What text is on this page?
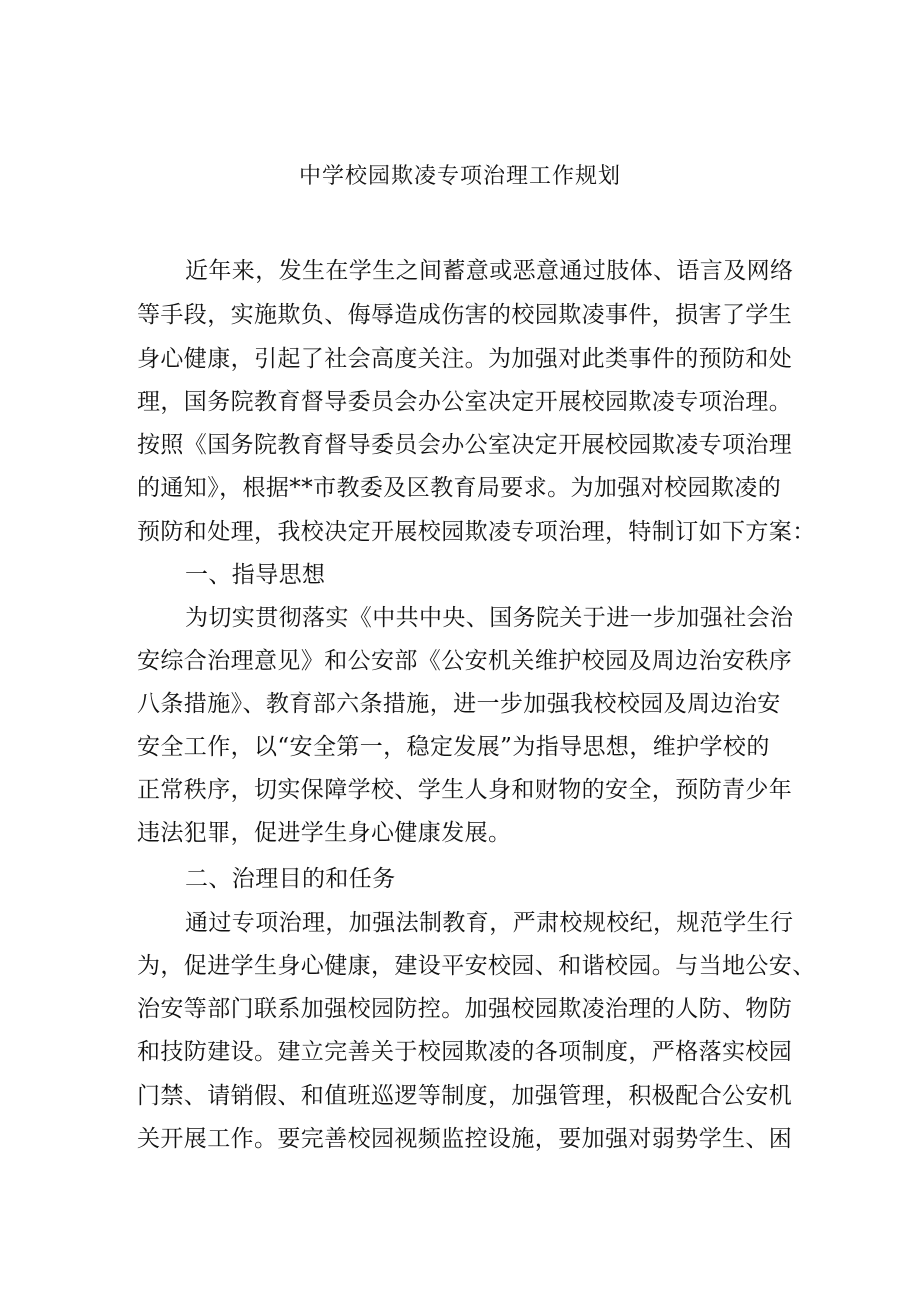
中学校园欺凌专项治理工作规划
近年来，发生在学生之间蓄意或恶意通过肢体、语言及网络
等手段，实施欺负、侮辱造成伤害的校园欺凌事件，损害了学生
身心健康，引起了社会高度关注。为加强对此类事件的预防和处
理，国务院教育督导委员会办公室决定开展校园欺凌专项治理。
按照《国务院教育督导委员会办公室决定开展校园欺凌专项治理
的通知》，根据**市教委及区教育局要求。为加强对校园欺凌的
预防和处理，我校决定开展校园欺凌专项治理，特制订如下方案：
一、指导思想
为切实贯彻落实《中共中央、国务院关于进一步加强社会治
安综合治理意见》和公安部《公安机关维护校园及周边治安秩序
八条措施》、教育部六条措施，进一步加强我校校园及周边治安
安全工作，以“安全第一，稳定发展”为指导思想，维护学校的
正常秩序，切实保障学校、学生人身和财物的安全，预防青少年
违法犯罪，促进学生身心健康发展。
二、治理目的和任务
通过专项治理，加强法制教育，严肃校规校纪，规范学生行
为，促进学生身心健康，建设平安校园、和谐校园。与当地公安、
治安等部门联系加强校园防控。加强校园欺凌治理的人防、物防
和技防建设。建立完善关于校园欺凌的各项制度，严格落实校园
门禁、请销假、和值班巡逻等制度，加强管理，积极配合公安机
关开展工作。要完善校园视频监控设施，要加强对弱势学生、困
